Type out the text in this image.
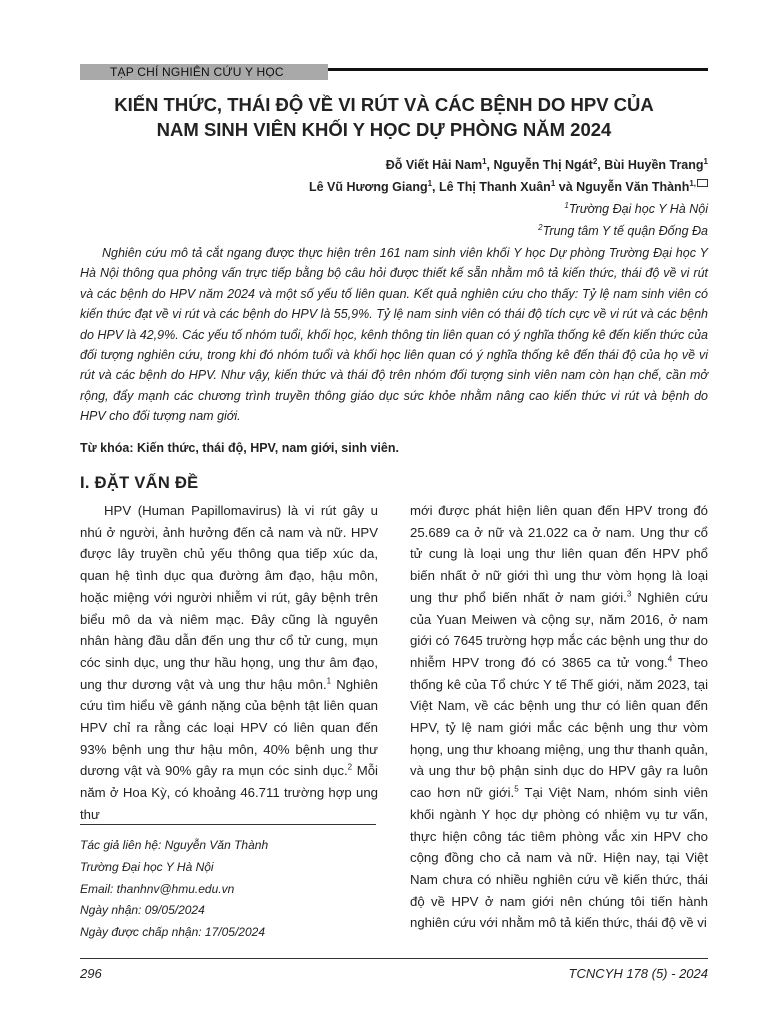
TẠP CHÍ NGHIÊN CỨU Y HỌC
KIẾN THỨC, THÁI ĐỘ VỀ VI RÚT VÀ CÁC BỆNH DO HPV CỦA
NAM SINH VIÊN KHỐI Y HỌC DỰ PHÒNG NĂM 2024
Đỗ Viết Hải Nam$^1$, Nguyễn Thị Ngát$^2$, Bùi Huyền Trang$^1$
Lê Vũ Hương Giang$^1$, Lê Thị Thanh Xuân$^1$ và Nguyễn Văn Thành$^{1,}$
$^1$Trường Đại học Y Hà Nội
$^2$Trung tâm Y tế quận Đống Đa
Nghiên cứu mô tả cắt ngang được thực hiện trên 161 nam sinh viên khối Y học Dự phòng Trường Đại học Y Hà Nội thông qua phỏng vấn trực tiếp bằng bộ câu hỏi được thiết kế sẵn nhằm mô tả kiến thức, thái độ về vi rút và các bệnh do HPV năm 2024 và một số yếu tố liên quan. Kết quả nghiên cứu cho thấy: Tỷ lệ nam sinh viên có kiến thức đạt về vi rút và các bệnh do HPV là 55,9%. Tỷ lệ nam sinh viên có thái độ tích cực về vi rút và các bệnh do HPV là 42,9%. Các yếu tố nhóm tuổi, khối học, kênh thông tin liên quan có ý nghĩa thống kê đến kiến thức của đối tượng nghiên cứu, trong khi đó nhóm tuổi và khối học liên quan có ý nghĩa thống kê đến thái độ của họ về vi rút và các bệnh do HPV. Như vậy, kiến thức và thái độ trên nhóm đối tượng sinh viên nam còn hạn chế, cần mở rộng, đẩy mạnh các chương trình truyền thông giáo dục sức khỏe nhằm nâng cao kiến thức vi rút và bệnh do HPV cho đối tượng nam giới.
Từ khóa: Kiến thức, thái độ, HPV, nam giới, sinh viên.
I. ĐẶT VẤN ĐỀ

HPV (Human Papillomavirus) là vi rút gây u nhú ở người, ảnh hưởng đến cả nam và nữ. HPV được lây truyền chủ yếu thông qua tiếp xúc da, quan hệ tình dục qua đường âm đạo, hậu môn, hoặc miệng với người nhiễm vi rút, gây bệnh trên biểu mô da và niêm mạc. Đây cũng là nguyên nhân hàng đầu dẫn đến ung thư cổ tử cung, mụn cóc sinh dục, ung thư hầu họng, ung thư âm đạo, ung thư dương vật và ung thư hậu môn.$^1$ Nghiên cứu tìm hiểu về gánh nặng của bệnh tật liên quan HPV chỉ ra rằng các loại HPV có liên quan đến 93% bệnh ung thư hậu môn, 40% bệnh ung thư dương vật và 90% gây ra mụn cóc sinh dục.$^2$ Mỗi năm ở Hoa Kỳ, có khoảng 46.711 trường hợp ung thư

mới được phát hiện liên quan đến HPV trong đó 25.689 ca ở nữ và 21.022 ca ở nam. Ung thư cổ tử cung là loại ung thư liên quan đến HPV phổ biến nhất ở nữ giới thì ung thư vòm họng là loại ung thư phổ biến nhất ở nam giới.$^3$ Nghiên cứu của Yuan Meiwen và cộng sự, năm 2016, ở nam giới có 7645 trường hợp mắc các bệnh ung thư do nhiễm HPV trong đó có 3865 ca tử vong.$^4$ Theo thống kê của Tổ chức Y tế Thế giới, năm 2023, tại Việt Nam, về các bệnh ung thư có liên quan đến HPV, tỷ lệ nam giới mắc các bệnh ung thư vòm họng, ung thư khoang miệng, ung thư thanh quản, và ung thư bộ phận sinh dục do HPV gây ra luôn cao hơn nữ giới.$^5$ Tại Việt Nam, nhóm sinh viên khối ngành Y học dự phòng có nhiệm vụ tư vấn, thực hiện công tác tiêm phòng vắc xin HPV cho cộng đồng cho cả nam và nữ. Hiện nay, tại Việt Nam chưa có nhiều nghiên cứu về kiến thức, thái độ về HPV ở nam giới nên chúng tôi tiến hành nghiên cứu với nhằm mô tả kiến thức, thái độ về vi

Tác giả liên hệ: Nguyễn Văn Thành
Trường Đại học Y Hà Nội
Email: thanhnv@hmu.edu.vn
Ngày nhận: 09/05/2024
Ngày được chấp nhận: 17/05/2024
296	TCNCYH 178 (5) - 2024
